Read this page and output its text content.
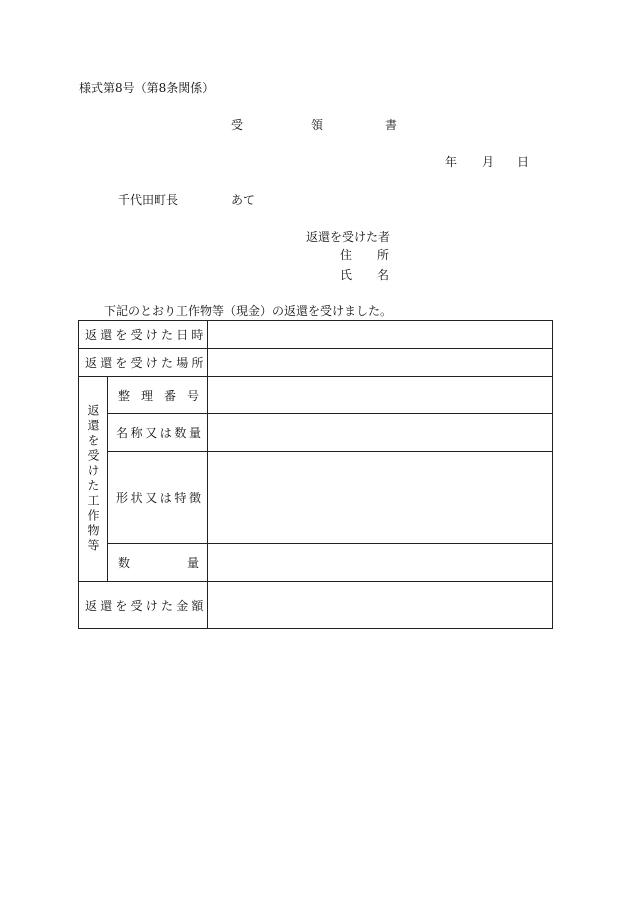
様式第8号（第8条関係）
受	領	書
年 月 日
千代田町長	あて
返還を受けた者
住 所
氏 名
下記のとおり工作物等（現金）の返還を受けました。
返還を受けた日時		
返還を受けた場所		
返還を受けた工作物等	整 理 番 号	

	名称又は数量	
	形状又は特徴	

	数 量	

返還を受けた金額		
